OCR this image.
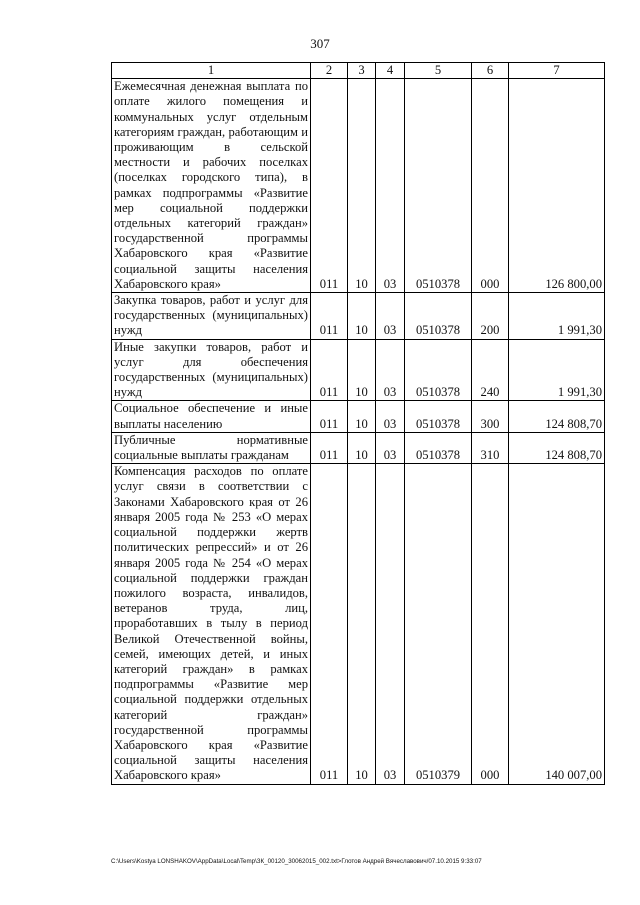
307
1	2	3	4	5	6	7
Ежемесячная денежная выплата по оплате жилого помещения и коммунальных услуг отдельным категориям граждан, работающим и проживающим в сельской местности и рабочих поселках (поселках городского типа), в рамках подпрограммы «Развитие мер социальной поддержки отдельных категорий граждан» государственной программы Хабаровского края «Развитие социальной защиты населения Хабаровского края»	011	10	03	0510378	000	126 800,00
Закупка товаров, работ и услуг для государственных (муниципальных) нужд	011	10	03	0510378	200	1 991,30
Иные закупки товаров, работ и услуг для обеспечения государственных (муниципальных) нужд	011	10	03	0510378	240	1 991,30
Социальное обеспечение и иные выплаты населению	011	10	03	0510378	300	124 808,70
Публичные нормативные социальные выплаты гражданам	011	10	03	0510378	310	124 808,70
Компенсация расходов по оплате услуг связи в соответствии с Законами Хабаровского края от 26 января 2005 года № 253 «О мерах социальной поддержки жертв политических репрессий» и от 26 января 2005 года № 254 «О мерах социальной поддержки граждан пожилого возраста, инвалидов, ветеранов труда, лиц, проработавших в тылу в период Великой Отечественной войны, семей, имеющих детей, и иных категорий граждан» в рамках подпрограммы «Развитие мер социальной поддержки отдельных категорий граждан» государственной программы Хабаровского края «Развитие социальной защиты населения Хабаровского края»	011	10	03	0510379	000	140 007,00
C:\Users\Kostya LONSHAKOV\AppData\Local\Temp\ЗК_00120_30062015_002.txt>Глотов Андрей Вячеславович/07.10.2015 9:33:07
